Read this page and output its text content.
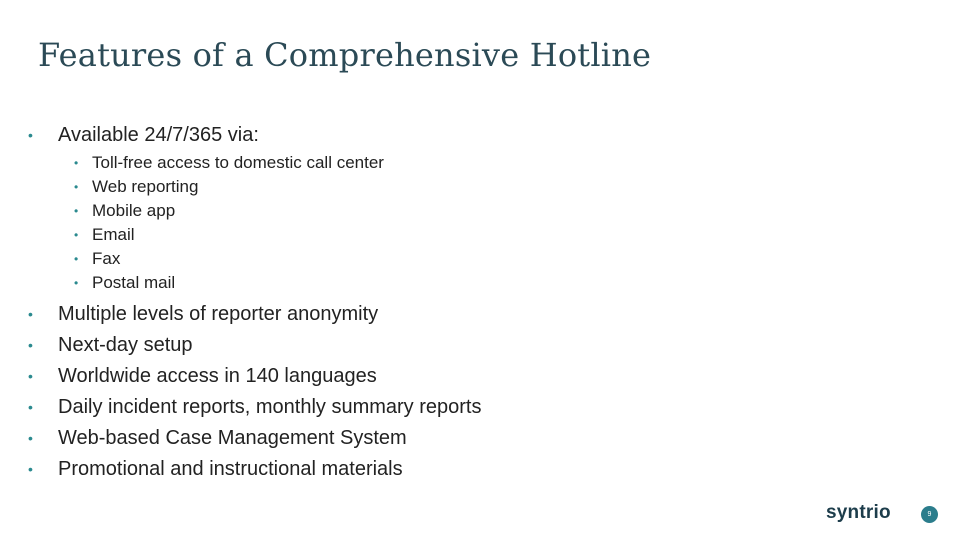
Features of a Comprehensive Hotline
•	Available 24/7/365 via:
• Toll-free access to domestic call center
• Web reporting
• Mobile app
• Email
• Fax
• Postal mail
•	Multiple levels of reporter anonymity
•	Next-day setup
•	Worldwide access in 140 languages
•	Daily incident reports, monthly summary reports
•	Web-based Case Management System
•	Promotional and instructional materials
syntrio	9
